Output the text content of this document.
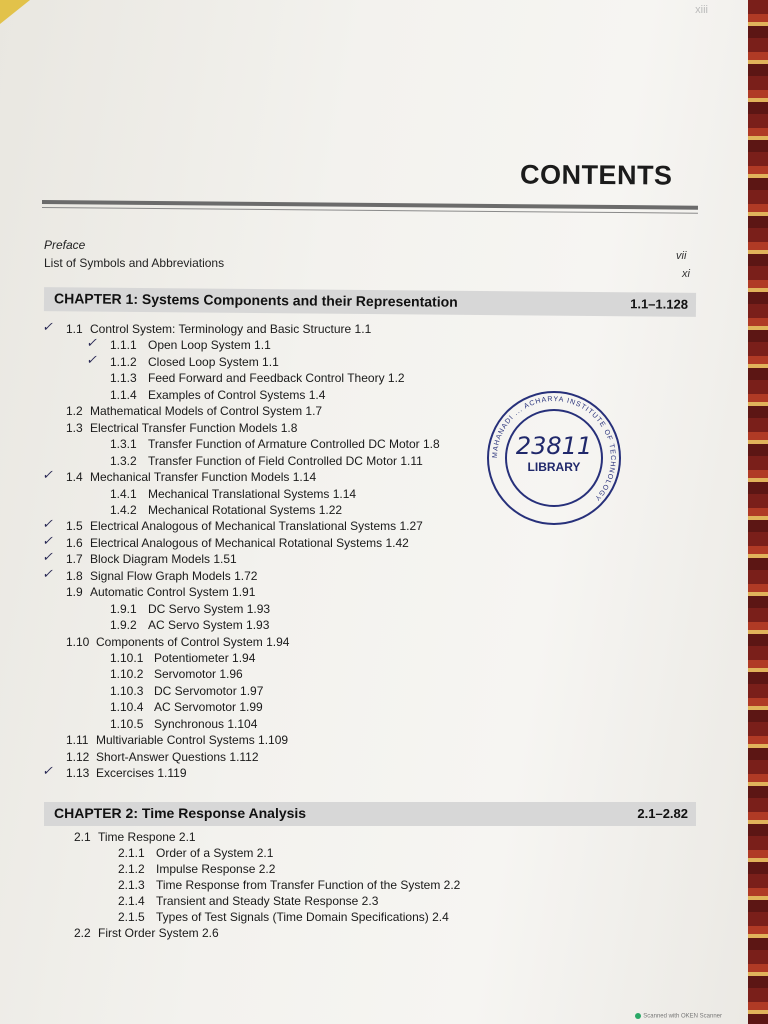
xiii
CONTENTS
Preface
vii
List of Symbols and Abbreviations
xi
CHAPTER 1: Systems Components and their Representation	1.1–1.128
1.1 Control System: Terminology and Basic Structure 1.1
✓
1.1.1 Open Loop System 1.1
✓
1.1.2 Closed Loop System 1.1
✓
1.1.3 Feed Forward and Feedback Control Theory 1.2
1.1.4 Examples of Control Systems 1.4
1.2 Mathematical Models of Control System 1.7
1.3 Electrical Transfer Function Models 1.8
1.3.1 Transfer Function of Armature Controlled DC Motor 1.8
1.3.2 Transfer Function of Field Controlled DC Motor 1.11
1.4 Mechanical Transfer Function Models 1.14
✓
1.4.1 Mechanical Translational Systems 1.14
1.4.2 Mechanical Rotational Systems 1.22
1.5 Electrical Analogous of Mechanical Translational Systems 1.27
✓
1.6 Electrical Analogous of Mechanical Rotational Systems 1.42
✓
1.7 Block Diagram Models 1.51
✓
1.8 Signal Flow Graph Models 1.72
✓
1.9 Automatic Control System 1.91
1.9.1 DC Servo System 1.93
1.9.2 AC Servo System 1.93
1.10 Components of Control System 1.94
1.10.1 Potentiometer 1.94
1.10.2 Servomotor 1.96
1.10.3 DC Servomotor 1.97
1.10.4 AC Servomotor 1.99
1.10.5 Synchronous 1.104
1.11 Multivariable Control Systems 1.109
1.12 Short-Answer Questions 1.112
1.13 Excercises 1.119
✓
23811
LIBRARY
MAHANADI ... ACHARYA INSTITUTE OF TECHNOLOGY
CHAPTER 2: Time Response Analysis	2.1–2.82
2.1 Time Respone 2.1
2.1.1 Order of a System 2.1
2.1.2 Impulse Response 2.2
2.1.3 Time Response from Transfer Function of the System 2.2
2.1.4 Transient and Steady State Response 2.3
2.1.5 Types of Test Signals (Time Domain Specifications) 2.4
2.2 First Order System 2.6
Scanned with OKEN Scanner
